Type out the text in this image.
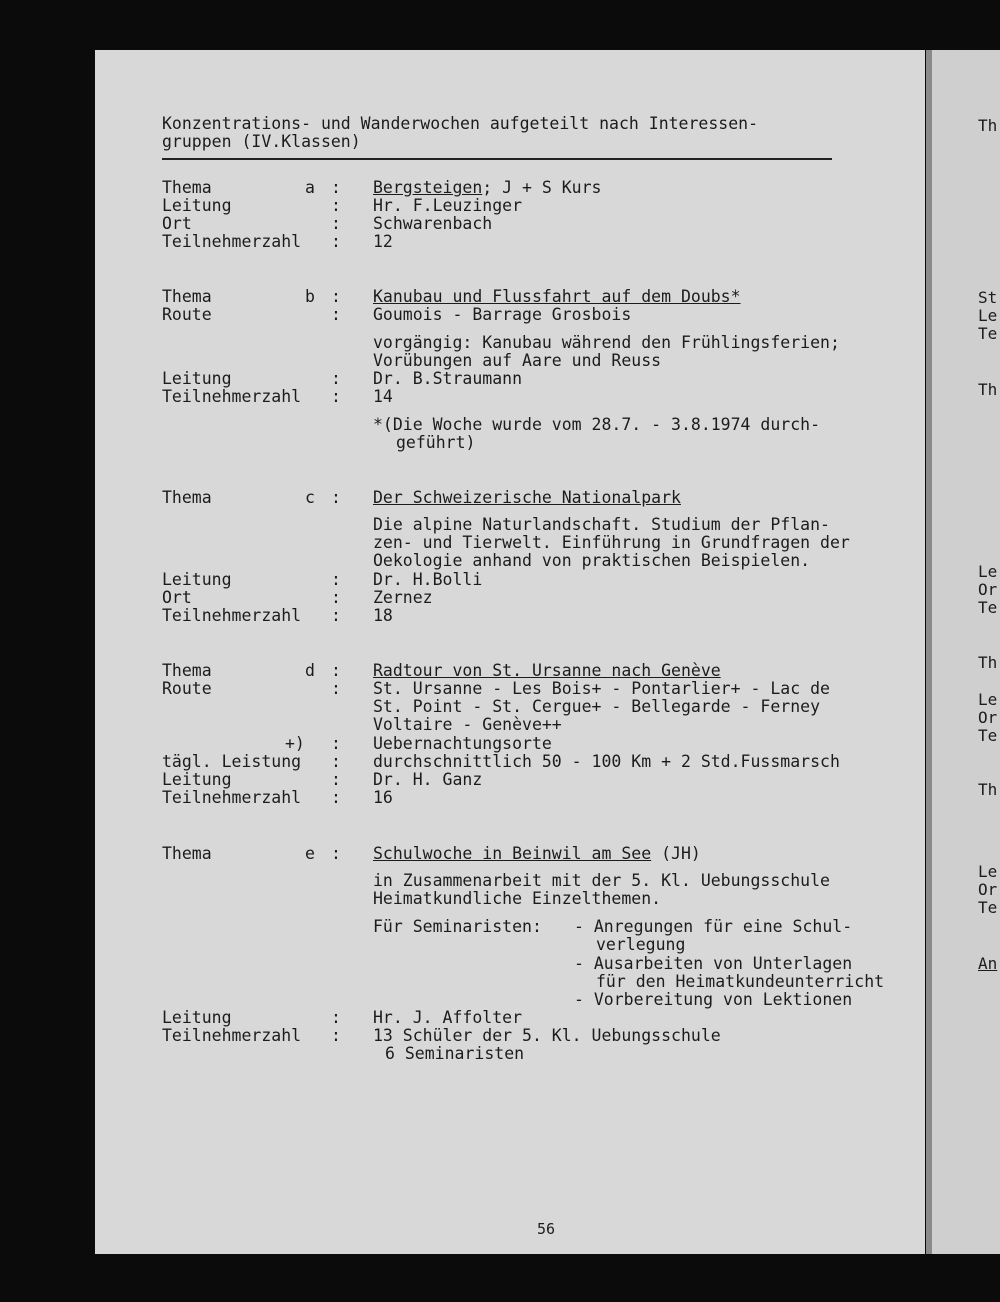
Th
St
Le
Te
Th
Le
Or
Te
Th
Le
Or
Te
Th
Le
Or
Te
An
Konzentrations- und Wanderwochen aufgeteilt nach Interessen-
gruppen (IV.Klassen)
Thema	a : Bergsteigen; J + S Kurs
Leitung	: Hr. F.Leuzinger
Ort	: Schwarenbach
Teilnehmerzahl : 12
Thema	b : Kanubau und Flussfahrt auf dem Doubs*
Route	: Goumois - Barrage Grosbois
vorgängig: Kanubau während den Frühlingsferien;
Vorübungen auf Aare und Reuss
Leitung	: Dr. B.Straumann
Teilnehmerzahl : 14
*(Die Woche wurde vom 28.7. - 3.8.1974 durch-
geführt)
Thema	c : Der Schweizerische Nationalpark
Die alpine Naturlandschaft. Studium der Pflan-
zen- und Tierwelt. Einführung in Grundfragen der
Oekologie anhand von praktischen Beispielen.
Leitung	: Dr. H.Bolli
Ort	: Zernez
Teilnehmerzahl : 18
Thema	d : Radtour von St. Ursanne nach Genève
Route	: St. Ursanne - Les Bois+ - Pontarlier+ - Lac de
St. Point - St. Cergue+ - Bellegarde - Ferney
Voltaire - Genève++
+) : Uebernachtungsorte
tägl. Leistung : durchschnittlich 50 - 100 Km + 2 Std.Fussmarsch
Leitung	: Dr. H. Ganz
Teilnehmerzahl : 16
Thema	e : Schulwoche in Beinwil am See (JH)
in Zusammenarbeit mit der 5. Kl. Uebungsschule
Heimatkundliche Einzelthemen.
Für Seminaristen: - Anregungen für eine Schul-
verlegung
- Ausarbeiten von Unterlagen
für den Heimatkundeunterricht
- Vorbereitung von Lektionen
Leitung	: Hr. J. Affolter
Teilnehmerzahl : 13 Schüler der 5. Kl. Uebungsschule
6 Seminaristen
56
